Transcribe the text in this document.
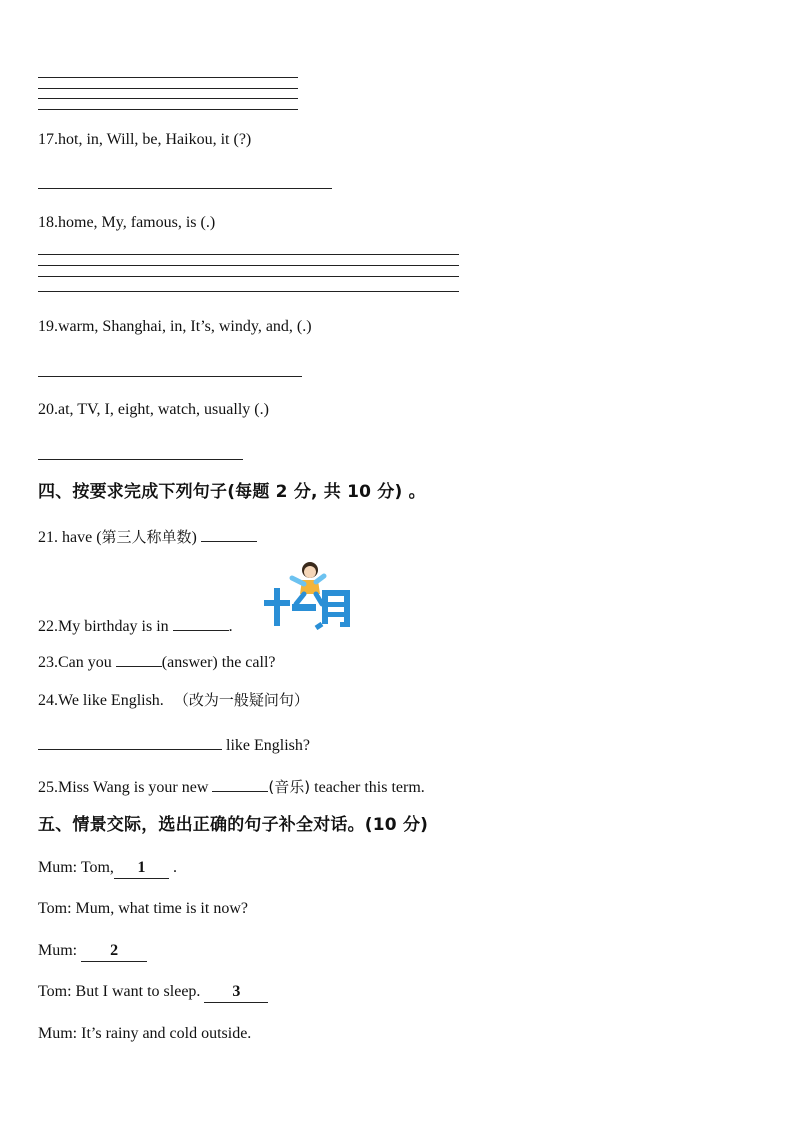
17.hot, in, Will, be, Haikou, it (?)
18.home, My, famous, is (.)
19.warm, Shanghai, in, It’s, windy, and, (.)
20.at, TV, I, eight, watch, usually (.)
四、按要求完成下列句子(每题 2 分, 共 10 分) 。
21. have (第三人称单数)
22.My birthday is in	.
23.Can you	(answer) the call?
24.We like English. （改为一般疑问句）
like English?
25.Miss Wang is your new	(音乐) teacher this term.
五、情景交际，选出正确的句子补全对话。(10 分)
Mum: Tom, 1 .
Tom: Mum, what time is it now?
Mum: 2
Tom: But I want to sleep. 3
Mum: It’s rainy and cold outside.
